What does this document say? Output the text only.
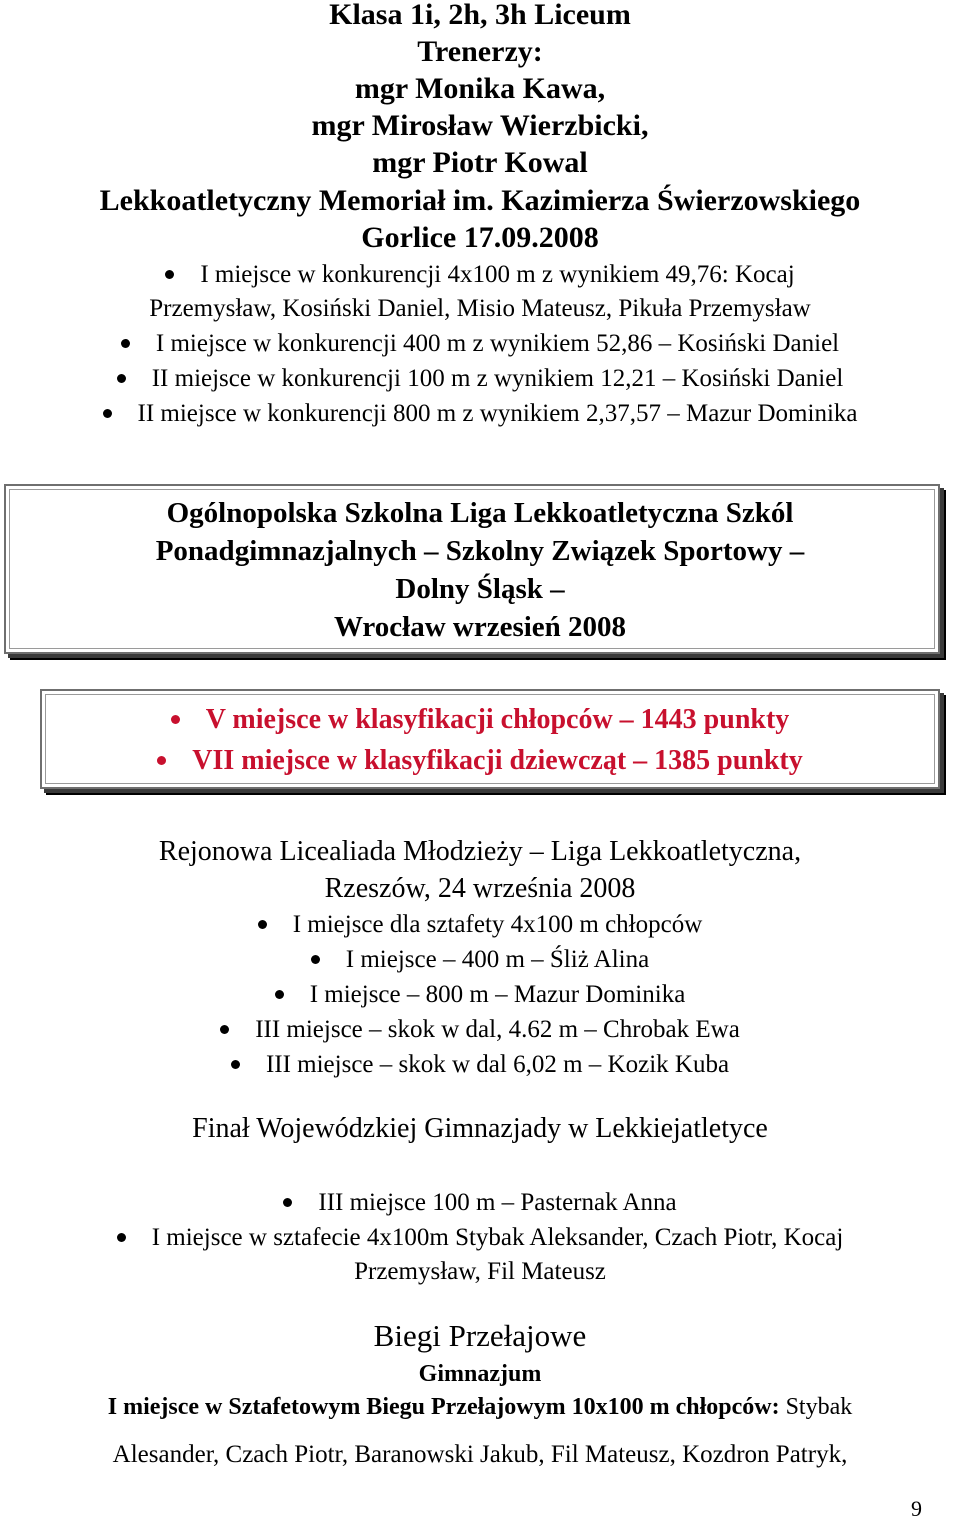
Klasa 1i, 2h, 3h Liceum

Trenerzy:

mgr Monika Kawa,

mgr Mirosław Wierzbicki,

mgr Piotr Kowal

Lekkoatletyczny Memoriał im. Kazimierza Świerzowskiego

Gorlice 17.09.2008

I miejsce w konkurencji 4x100 m z wynikiem 49,76: Kocaj

Przemysław, Kosiński Daniel, Misio Mateusz, Pikuła Przemysław

I miejsce w konkurencji 400 m z wynikiem 52,86 – Kosiński Daniel

II miejsce w konkurencji 100 m z wynikiem 12,21 – Kosiński Daniel

II miejsce w konkurencji 800 m z wynikiem 2,37,57 – Mazur Dominika

Ogólnopolska Szkolna Liga Lekkoatletyczna Szkól

Ponadgimnazjalnych – Szkolny Związek Sportowy –

Dolny Śląsk –

Wrocław wrzesień 2008

V miejsce w klasyfikacji chłopców – 1443 punkty

VII miejsce w klasyfikacji dziewcząt – 1385 punkty

Rejonowa Licealiada Młodzieży – Liga Lekkoatletyczna,

Rzeszów, 24 września 2008

I miejsce dla sztafety 4x100 m chłopców

I miejsce – 400 m – Śliż Alina

I miejsce – 800 m – Mazur Dominika

III miejsce – skok w dal, 4.62 m – Chrobak Ewa

III miejsce – skok w dal 6,02 m – Kozik Kuba

Finał Wojewódzkiej Gimnazjady w Lekkiejatletyce

III miejsce 100 m – Pasternak Anna

I miejsce w sztafecie 4x100m Stybak Aleksander, Czach Piotr, Kocaj

Przemysław, Fil Mateusz

Biegi Przełajowe

Gimnazjum

I miejsce w Sztafetowym Biegu Przełajowym 10x100 m chłopców: Stybak

Alesander, Czach Piotr, Baranowski Jakub, Fil Mateusz, Kozdron Patryk,

9
